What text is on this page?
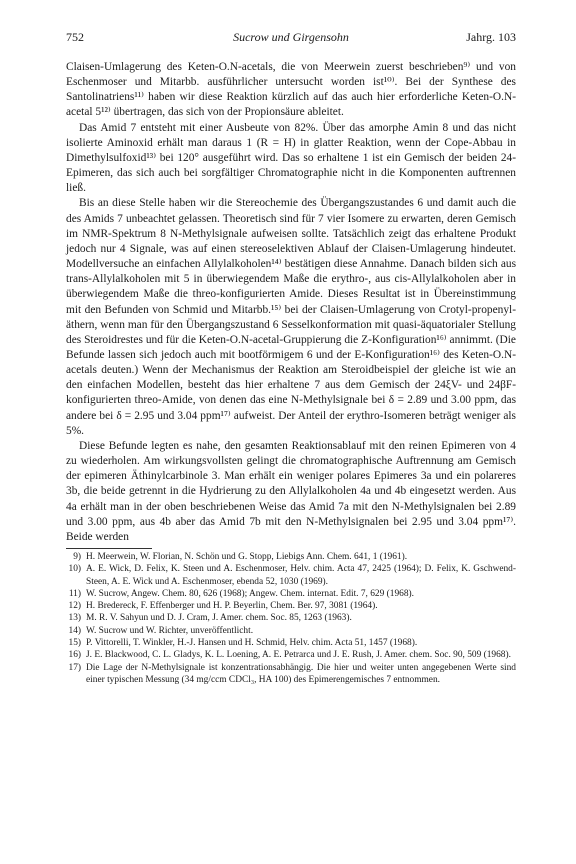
752	Sucrow und Girgensohn	Jahrg. 103

Claisen-Umlagerung des Keten-O.N-acetals, die von Meerwein zuerst beschrieben⁹⁾ und von Eschenmoser und Mitarbb. ausführlicher untersucht worden ist¹⁰⁾. Bei der Synthese des Santolinatriens¹¹⁾ haben wir diese Reaktion kürzlich auf das auch hier erforderliche Keten-O.N-acetal 5¹²⁾ übertragen, das sich von der Propionsäure ableitet.

Das Amid 7 entsteht mit einer Ausbeute von 82%. Über das amorphe Amin 8 und das nicht isolierte Aminoxid erhält man daraus 1 (R = H) in glatter Reaktion, wenn der Cope-Abbau in Dimethylsulfoxid¹³⁾ bei 120° ausgeführt wird. Das so erhaltene 1 ist ein Gemisch der beiden 24-Epimeren, das sich auch bei sorgfältiger Chromatographie nicht in die Komponenten auftrennen ließ.

Bis an diese Stelle haben wir die Stereochemie des Übergangszustandes 6 und damit auch die des Amids 7 unbeachtet gelassen. Theoretisch sind für 7 vier Isomere zu erwarten, deren Gemisch im NMR-Spektrum 8 N-Methylsignale aufweisen sollte. Tatsächlich zeigt das erhaltene Produkt jedoch nur 4 Signale, was auf einen stereoselektiven Ablauf der Claisen-Umlagerung hindeutet. Modellversuche an einfachen Allylalkoholen¹⁴⁾ bestätigen diese Annahme. Danach bilden sich aus trans-Allylalkoholen mit 5 in überwiegendem Maße die erythro-, aus cis-Allylalkoholen aber in überwiegendem Maße die threo-konfigurierten Amide. Dieses Resultat ist in Übereinstimmung mit den Befunden von Schmid und Mitarbb.¹⁵⁾ bei der Claisen-Umlagerung von Crotyl-propenyl-äthern, wenn man für den Übergangszustand 6 Sesselkonformation mit quasi-äquatorialer Stellung des Steroidrestes und für die Keten-O.N-acetal-Gruppierung die Z-Konfiguration¹⁶⁾ annimmt. (Die Befunde lassen sich jedoch auch mit bootförmigem 6 und der E-Konfiguration¹⁶⁾ des Keten-O.N-acetals deuten.) Wenn der Mechanismus der Reaktion am Steroidbeispiel der gleiche ist wie an den einfachen Modellen, besteht das hier erhaltene 7 aus dem Gemisch der 24ξV- und 24βF-konfigurierten threo-Amide, von denen das eine N-Methylsignale bei δ = 2.89 und 3.00 ppm, das andere bei δ = 2.95 und 3.04 ppm¹⁷⁾ aufweist. Der Anteil der erythro-Isomeren beträgt weniger als 5%.

Diese Befunde legten es nahe, den gesamten Reaktionsablauf mit den reinen Epimeren von 4 zu wiederholen. Am wirkungsvollsten gelingt die chromatographische Auftrennung am Gemisch der epimeren Äthinylcarbinole 3. Man erhält ein weniger polares Epimeres 3a und ein polareres 3b, die beide getrennt in die Hydrierung zu den Allylalkoholen 4a und 4b eingesetzt werden. Aus 4a erhält man in der oben beschriebenen Weise das Amid 7a mit den N-Methylsignalen bei 2.89 und 3.00 ppm, aus 4b aber das Amid 7b mit den N-Methylsignalen bei 2.95 und 3.04 ppm¹⁷⁾. Beide werden

9) H. Meerwein, W. Florian, N. Schön und G. Stopp, Liebigs Ann. Chem. 641, 1 (1961).
10) A. E. Wick, D. Felix, K. Steen und A. Eschenmoser, Helv. chim. Acta 47, 2425 (1964); D. Felix, K. Gschwend-Steen, A. E. Wick und A. Eschenmoser, ebenda 52, 1030 (1969).
11) W. Sucrow, Angew. Chem. 80, 626 (1968); Angew. Chem. internat. Edit. 7, 629 (1968).
12) H. Bredereck, F. Effenberger und H. P. Beyerlin, Chem. Ber. 97, 3081 (1964).
13) M. R. V. Sahyun und D. J. Cram, J. Amer. chem. Soc. 85, 1263 (1963).
14) W. Sucrow und W. Richter, unveröffentlicht.
15) P. Vittorelli, T. Winkler, H.-J. Hansen und H. Schmid, Helv. chim. Acta 51, 1457 (1968).
16) J. E. Blackwood, C. L. Gladys, K. L. Loening, A. E. Petrarca und J. E. Rush, J. Amer. chem. Soc. 90, 509 (1968).
17) Die Lage der N-Methylsignale ist konzentrationsabhängig. Die hier und weiter unten angegebenen Werte sind einer typischen Messung (34 mg/ccm CDCl₃, HA 100) des Epimerengemisches 7 entnommen.
